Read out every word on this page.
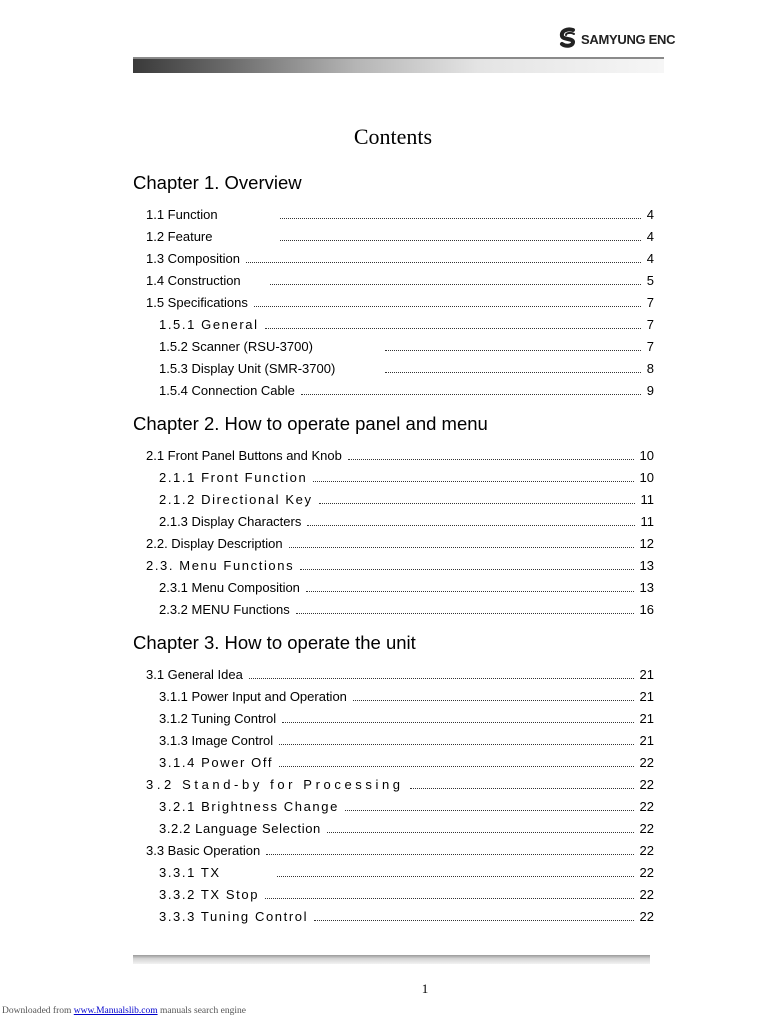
SAMYUNG ENC
Contents
Chapter 1. Overview
1.1 Function	4
1.2 Feature	4
1.3 Composition	4
1.4 Construction	5
1.5 Specifications	7
1.5.1 General	7
1.5.2 Scanner (RSU-3700)	7
1.5.3 Display Unit (SMR-3700)	8
1.5.4 Connection Cable	9
Chapter 2. How to operate panel and menu
2.1 Front Panel Buttons and Knob	10
2.1.1 Front Function	10
2.1.2 Directional Key	11
2.1.3 Display Characters	11
2.2. Display Description	12
2.3. Menu Functions	13
2.3.1 Menu Composition	13
2.3.2 MENU Functions	16
Chapter 3. How to operate the unit
3.1 General Idea	21
3.1.1 Power Input and Operation	21
3.1.2 Tuning Control	21
3.1.3 Image Control	21
3.1.4 Power Off	22
3.2 Stand-by for Processing	22
3.2.1 Brightness Change	22
3.2.2 Language Selection	22
3.3 Basic Operation	22
3.3.1 TX	22
3.3.2 TX Stop	22
3.3.3 Tuning Control	22
1
Downloaded from www.Manualslib.com manuals search engine
